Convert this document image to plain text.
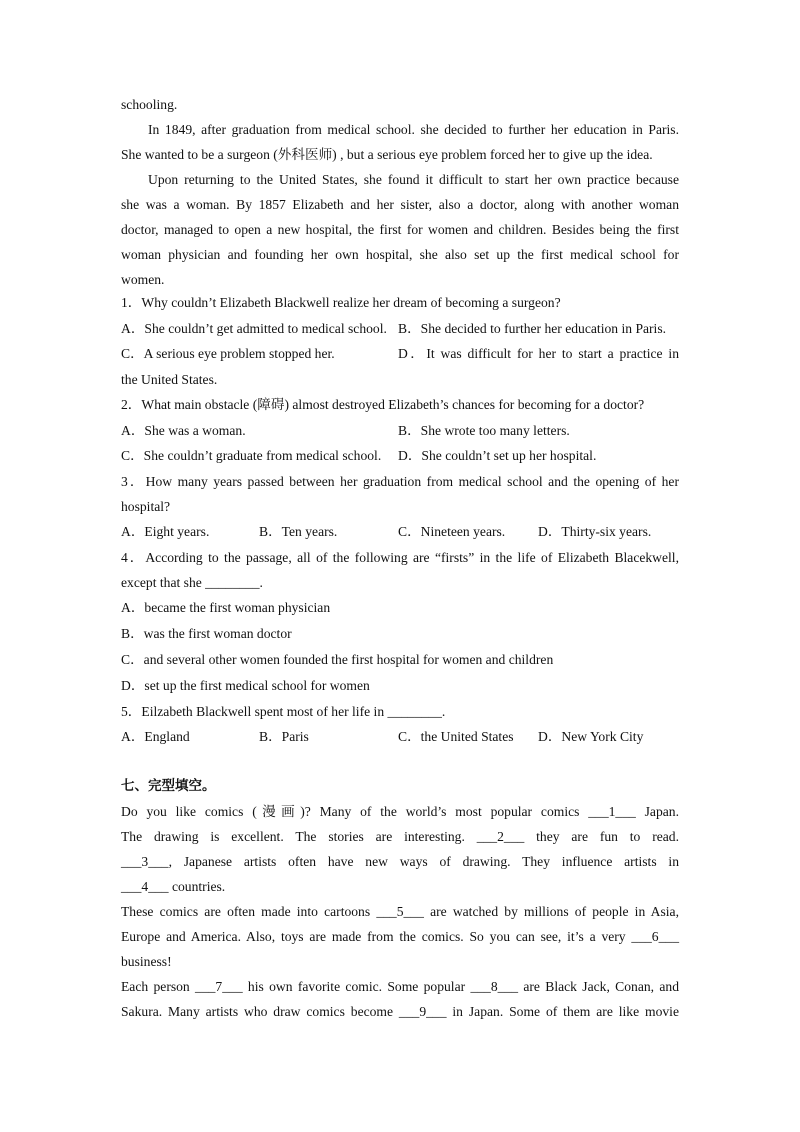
schooling.
In 1849, after graduation from medical school. she decided to further her education in Paris.
She wanted to be a surgeon (外科医师) , but a serious eye problem forced her to give up the idea.
Upon returning to the United States, she found it difficult to start her own practice because
she was a woman. By 1857 Elizabeth and her sister, also a doctor, along with another woman
doctor, managed to open a new hospital, the first for women and children. Besides being the first
woman physician and founding her own hospital, she also set up the first medical school for
women.
1．Why couldn’t Elizabeth Blackwell realize her dream of becoming a surgeon?
A．She couldn’t get admitted to medical school. B．She decided to further her education in Paris.
C．A serious eye problem stopped her.	D．It was difficult for her to start a practice in
the United States.
2．What main obstacle (障碍) almost destroyed Elizabeth’s chances for becoming for a doctor?
A．She was a woman.	B．She wrote too many letters.
C．She couldn’t graduate from medical school. D．She couldn’t set up her hospital.
3．How many years passed between her graduation from medical school and the opening of her
hospital?
A．Eight years.	B．Ten years.	C．Nineteen years. D．Thirty-six years.
4．According to the passage, all of the following are “firsts” in the life of Elizabeth Blacekwell,
except that she ________.
A．became the first woman physician
B．was the first woman doctor
C．and several other women founded the first hospital for women and children
D．set up the first medical school for women
5．Eilzabeth Blackwell spent most of her life in ________.
A．England	B．Paris	C．the United States D．New York City
七、完型填空。
Do you like comics (漫画)? Many of the world’s most popular comics ___1___ Japan.
The drawing is excellent. The stories are interesting. ___2___ they are fun to read.
___3___, Japanese artists often have new ways of drawing. They influence artists in
___4___ countries.
These comics are often made into cartoons ___5___ are watched by millions of people in Asia,
Europe and America. Also, toys are made from the comics. So you can see, it’s a very ___6___
business!
Each person ___7___ his own favorite comic. Some popular ___8___ are Black Jack, Conan, and
Sakura. Many artists who draw comics become ___9___ in Japan. Some of them are like movie
